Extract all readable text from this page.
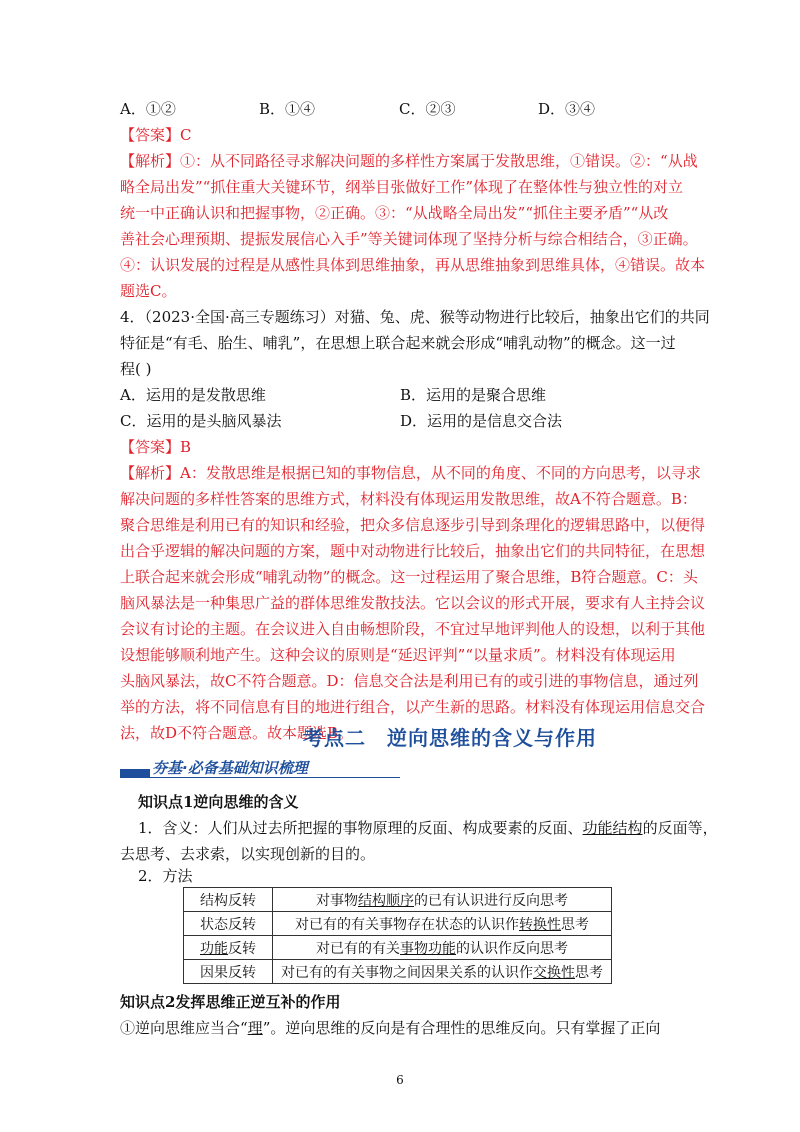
A．①②	B．①④	C．②③	D．③④
【答案】C
【解析】①：从不同路径寻求解决问题的多样性方案属于发散思维，①错误。②：“从战
略全局出发”“抓住重大关键环节，纲举目张做好工作”体现了在整体性与独立性的对立
统一中正确认识和把握事物，②正确。③：“从战略全局出发”“抓住主要矛盾”“从改
善社会心理预期、提振发展信心入手”等关键词体现了坚持分析与综合相结合，③正确。
④：认识发展的过程是从感性具体到思维抽象，再从思维抽象到思维具体，④错误。故本
题选C。
4．（2023·全国·高三专题练习）对猫、兔、虎、猴等动物进行比较后，抽象出它们的共同
特征是“有毛、胎生、哺乳”，在思想上联合起来就会形成“哺乳动物”的概念。这一过
程( )
A．运用的是发散思维	B．运用的是聚合思维
C．运用的是头脑风暴法	D．运用的是信息交合法
【答案】B
【解析】A：发散思维是根据已知的事物信息，从不同的角度、不同的方向思考，以寻求
解决问题的多样性答案的思维方式，材料没有体现运用发散思维，故A不符合题意。B：
聚合思维是利用已有的知识和经验，把众多信息逐步引导到条理化的逻辑思路中，以便得
出合乎逻辑的解决问题的方案，题中对动物进行比较后，抽象出它们的共同特征，在思想
上联合起来就会形成“哺乳动物”的概念。这一过程运用了聚合思维，B符合题意。C：头
脑风暴法是一种集思广益的群体思维发散技法。它以会议的形式开展，要求有人主持会议
会议有讨论的主题。在会议进入自由畅想阶段，不宜过早地评判他人的设想，以利于其他
设想能够顺利地产生。这种会议的原则是“延迟评判”“以量求质”。材料没有体现运用
头脑风暴法，故C不符合题意。D：信息交合法是利用已有的或引进的事物信息，通过列
举的方法，将不同信息有目的地进行组合，以产生新的思路。材料没有体现运用信息交合
法，故D不符合题意。故本题选B。
考点二　逆向思维的含义与作用
夯基·必备基础知识梳理
知识点1逆向思维的含义
1．含义：人们从过去所把握的事物原理的反面、构成要素的反面、功能结构的反面等，
去思考、去求索，以实现创新的目的。
2．方法
结构反转	对事物结构顺序的已有认识进行反向思考
状态反转	对已有的有关事物存在状态的认识作转换性思考
功能反转	对已有的有关事物功能的认识作反向思考
因果反转	对已有的有关事物之间因果关系的认识作交换性思考
知识点2发挥思维正逆互补的作用
①逆向思维应当合“理”。逆向思维的反向是有合理性的思维反向。只有掌握了正向
6
